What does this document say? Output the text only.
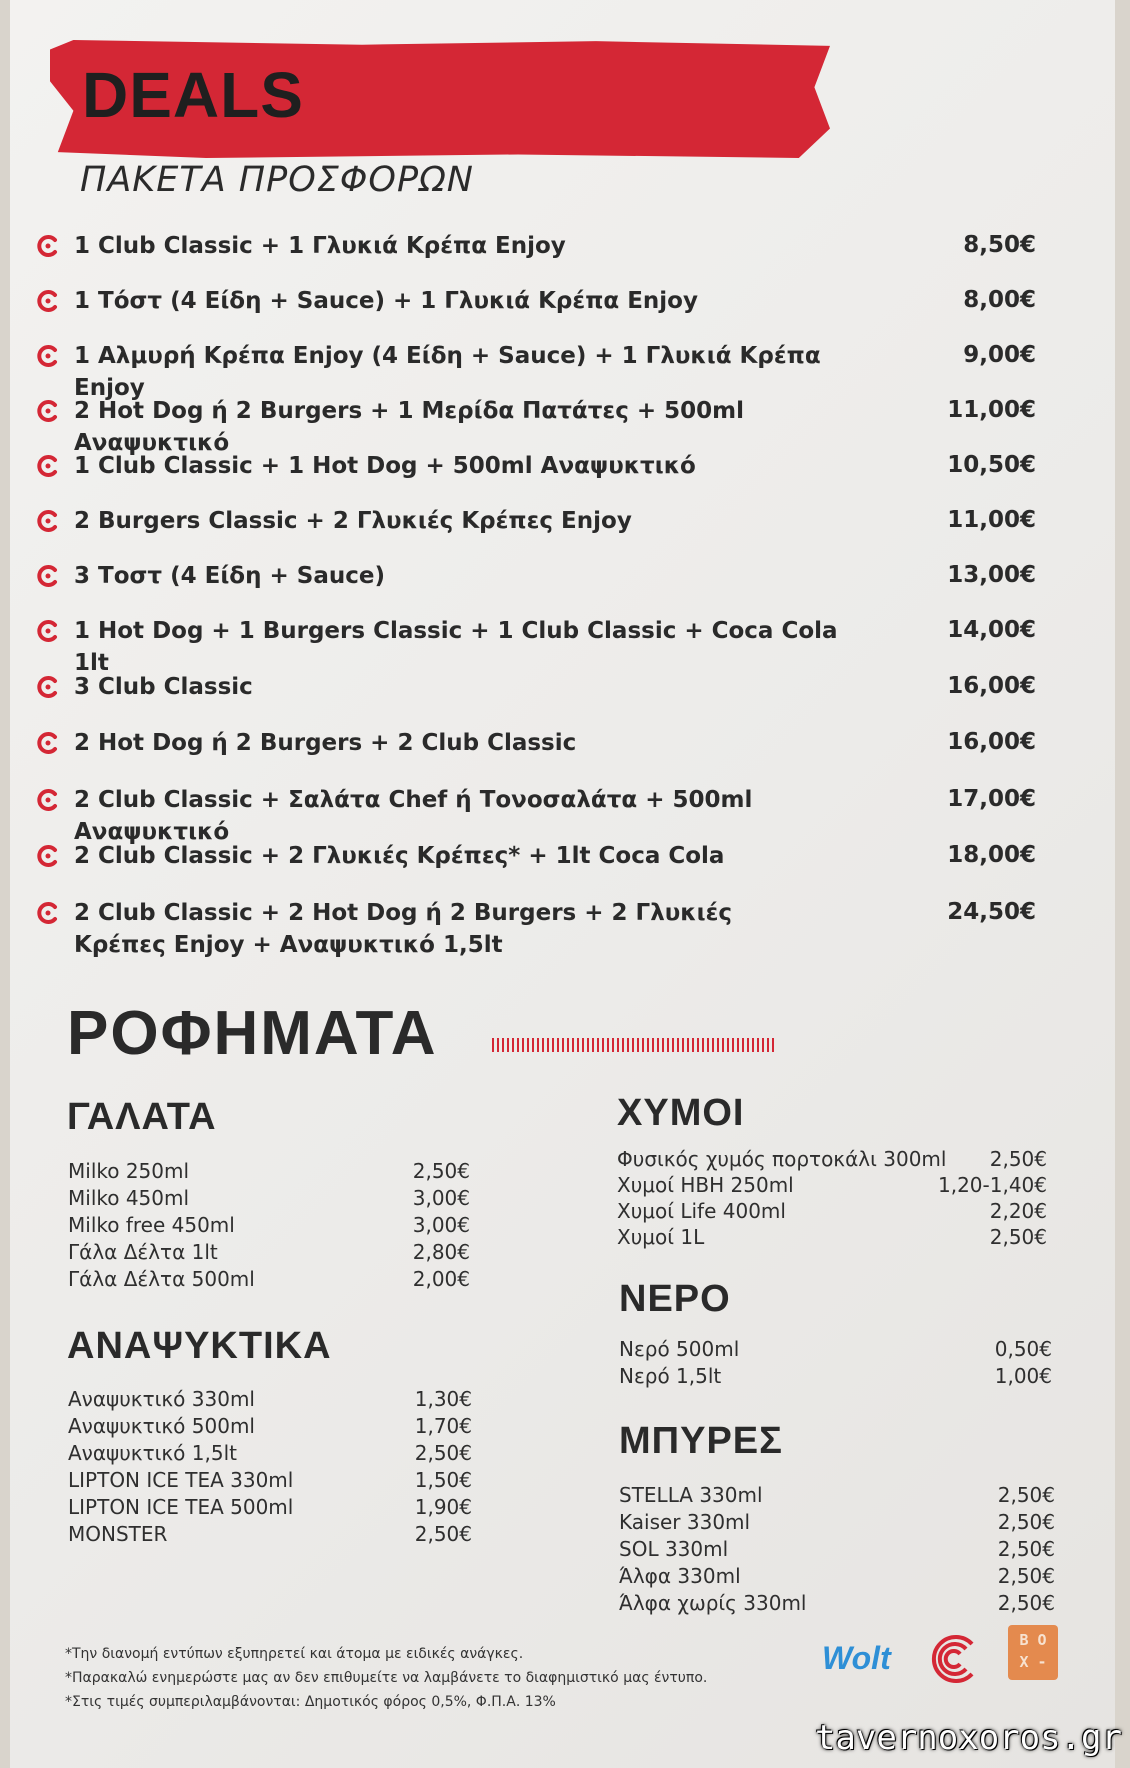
DEALS
ΠΑΚΕΤΑ ΠΡΟΣΦΟΡΩΝ
1 Club Classic + 1 Γλυκιά Κρέπα Enjoy	8,50€
1 Τόστ (4 Είδη + Sauce) + 1 Γλυκιά Κρέπα Enjoy	8,00€
1 Αλμυρή Κρέπα Enjoy (4 Είδη + Sauce) + 1 Γλυκιά Κρέπα Enjoy
9,00€
2 Hot Dog ή 2 Burgers + 1 Μερίδα Πατάτες + 500ml Αναψυκτικό
11,00€
1 Club Classic + 1 Hot Dog + 500ml Αναψυκτικό	10,50€
2 Burgers Classic + 2 Γλυκιές Κρέπες Enjoy	11,00€
3 Τοστ (4 Είδη + Sauce)	13,00€
1 Hot Dog + 1 Burgers Classic + 1 Club Classic + Coca Cola 1lt
14,00€
3 Club Classic	16,00€
2 Hot Dog ή 2 Burgers + 2 Club Classic	16,00€
2 Club Classic + Σαλάτα Chef ή Τονοσαλάτα + 500ml Αναψυκτικό
17,00€
2 Club Classic + 2 Γλυκιές Κρέπες* + 1lt Coca Cola	18,00€
2 Club Classic + 2 Hot Dog ή 2 Burgers + 2 Γλυκιές
Κρέπες Enjoy + Αναψυκτικό 1,5lt
24,50€
ΡΟΦΗΜΑΤΑ
ΓΑΛΑΤΑ
Milko 250ml	2,50€
Milko 450ml	3,00€
Milko free 450ml	3,00€
Γάλα Δέλτα 1lt	2,80€
Γάλα Δέλτα 500ml	2,00€
ΑΝΑΨΥΚΤΙΚΑ
Αναψυκτικό 330ml	1,30€
Αναψυκτικό 500ml	1,70€
Αναψυκτικό 1,5lt	2,50€
LIPTON ICE TEA 330ml	1,50€
LIPTON ICE TEA 500ml	1,90€
MONSTER	2,50€
ΧΥΜΟΙ
Φυσικός χυμός πορτοκάλι 300ml 2,50€
Χυμοί ΗΒΗ 250ml	1,20-1,40€
Χυμοί Life 400ml	2,20€
Χυμοί 1L	2,50€
ΝΕΡΟ
Νερό 500ml	0,50€
Νερό 1,5lt	1,00€
ΜΠΥΡΕΣ
STELLA 330ml	2,50€
Kaiser 330ml	2,50€
SOL 330ml	2,50€
Άλφα 330ml	2,50€
Άλφα χωρίς 330ml	2,50€
*Την διανομή εντύπων εξυπηρετεί και άτομα με ειδικές ανάγκες.
*Παρακαλώ ενημερώστε μας αν δεν επιθυμείτε να λαμβάνετε το διαφημιστικό μας έντυπο.
*Στις τιμές συμπεριλαμβάνονται: Δημοτικός φόρος 0,5%, Φ.Π.Α. 13%
Wolt	B O
X -
tavernoxoros.gr
